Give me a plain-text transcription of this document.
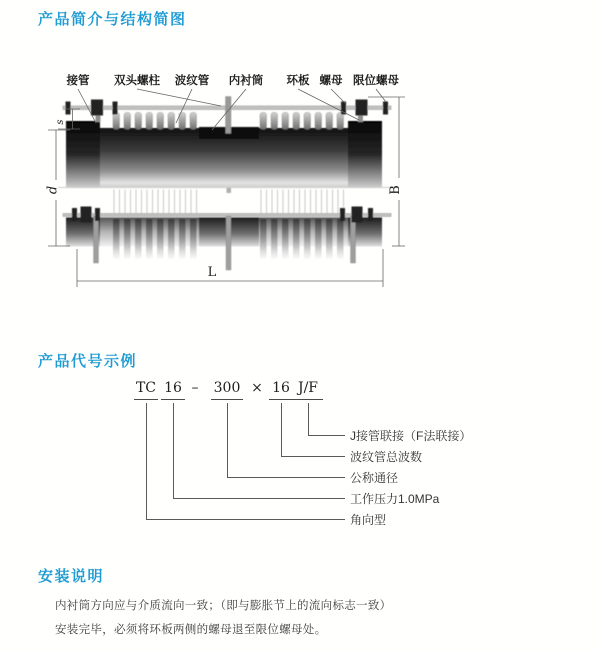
产品简介与结构简图
接管 双头螺柱 波纹管 内衬筒 环板 螺母 限位螺母
s
d	B
L
产品代号示例
TC 16 –	300 × 16 J/F
J接管联接（F法联接）
波纹管总波数
公称通径
工作压力1.0MPa
角向型
安装说明
内衬筒方向应与介质流向一致；（即与膨胀节上的流向标志一致）
安装完毕，必须将环板两侧的螺母退至限位螺母处。
